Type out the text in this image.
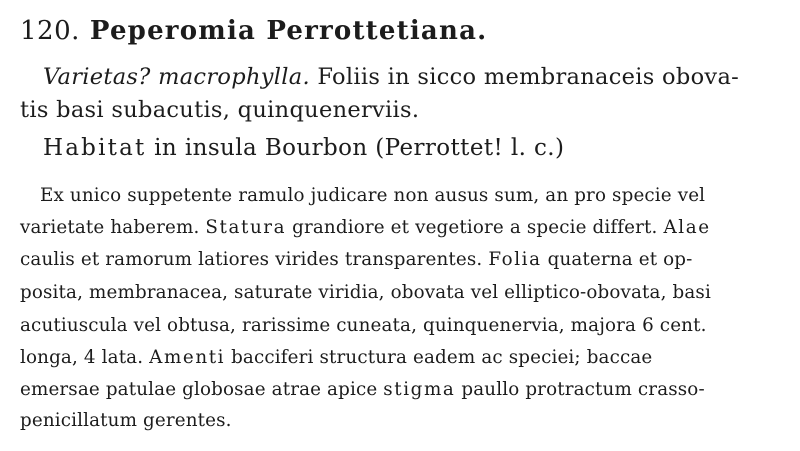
120. Peperomia Perrottetiana.
Varietas? macrophylla. Foliis in sicco membranaceis obova-
tis basi subacutis, quinquenerviis.
Habitat in insula Bourbon (Perrottet! l. c.)
Ex unico suppetente ramulo judicare non ausus sum, an pro specie vel
varietate haberem. Statura grandiore et vegetiore a specie differt. Alae
caulis et ramorum latiores virides transparentes. Folia quaterna et op-
posita, membranacea, saturate viridia, obovata vel elliptico-obovata, basi
acutiuscula vel obtusa, rarissime cuneata, quinquenervia, majora 6 cent.
longa, 4 lata. Amenti bacciferi structura eadem ac speciei; baccae
emersae patulae globosae atrae apice stigma paullo protractum crasso-
penicillatum gerentes.
